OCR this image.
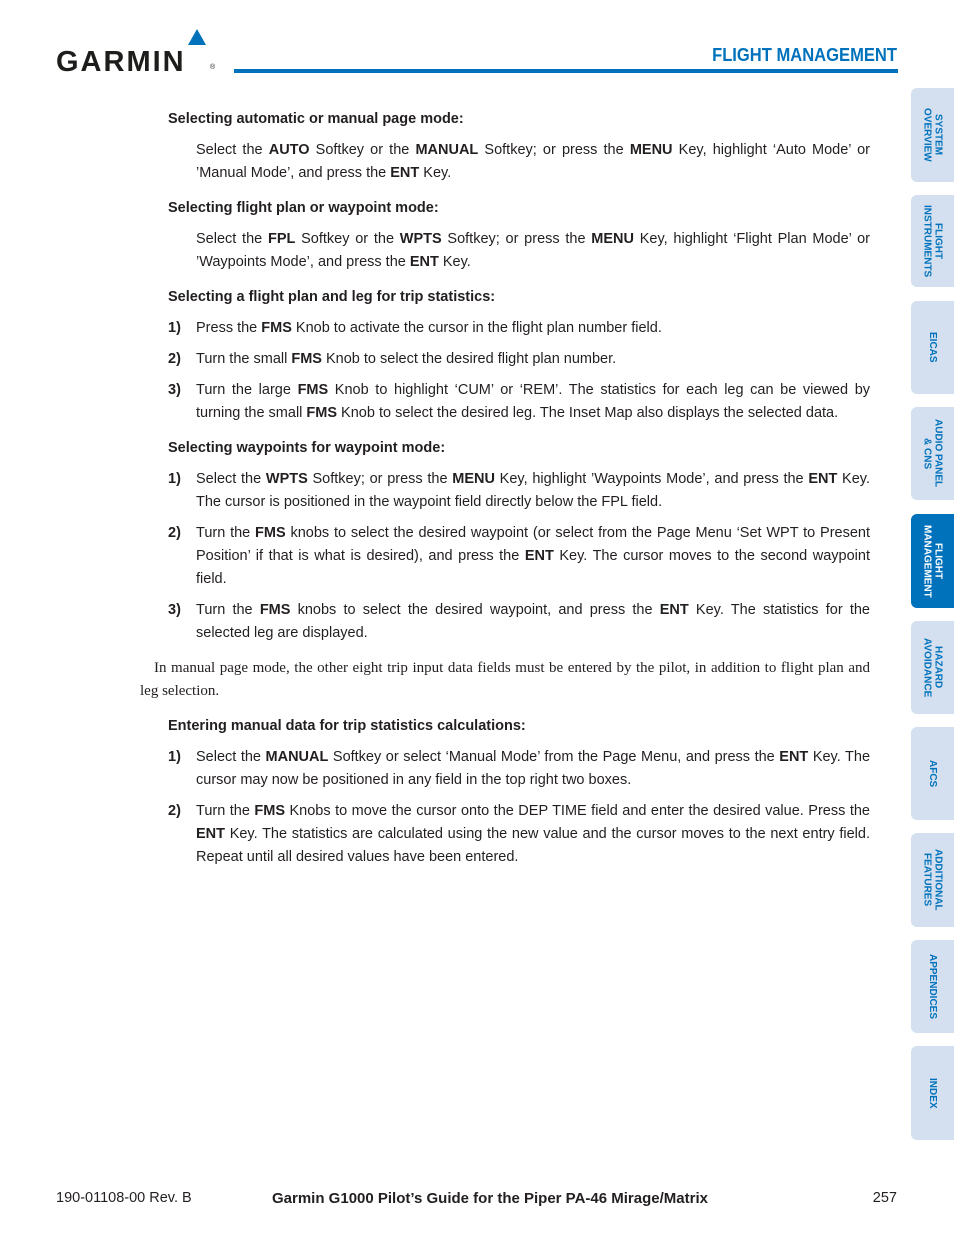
GARMIN	®
FLIGHT MANAGEMENT
Selecting automatic or manual page mode:
Select the AUTO Softkey or the MANUAL Softkey; or press the MENU Key, highlight ‘Auto Mode’ or ’Manual Mode’, and press the ENT Key.
Selecting flight plan or waypoint mode:
Select the FPL Softkey or the WPTS Softkey; or press the MENU Key, highlight ‘Flight Plan Mode’ or ’Waypoints Mode’, and press the ENT Key.
Selecting a flight plan and leg for trip statistics:
1) Press the FMS Knob to activate the cursor in the flight plan number field.
2) Turn the small FMS Knob to select the desired flight plan number.
3) Turn the large FMS Knob to highlight ‘CUM’ or ‘REM’. The statistics for each leg can be viewed by turning the small FMS Knob to select the desired leg. The Inset Map also displays the selected data.
Selecting waypoints for waypoint mode:
1) Select the WPTS Softkey; or press the MENU Key, highlight ’Waypoints Mode’, and press the ENT Key. The cursor is positioned in the waypoint field directly below the FPL field.
2) Turn the FMS knobs to select the desired waypoint (or select from the Page Menu ‘Set WPT to Present Position’ if that is what is desired), and press the ENT Key. The cursor moves to the second waypoint field.
3) Turn the FMS knobs to select the desired waypoint, and press the ENT Key. The statistics for the selected leg are displayed.
In manual page mode, the other eight trip input data fields must be entered by the pilot, in addition to flight plan and leg selection.
Entering manual data for trip statistics calculations:
1) Select the MANUAL Softkey or select ‘Manual Mode’ from the Page Menu, and press the ENT Key. The cursor may now be positioned in any field in the top right two boxes.
2) Turn the FMS Knobs to move the cursor onto the DEP TIME field and enter the desired value. Press the ENT Key. The statistics are calculated using the new value and the cursor moves to the next entry field. Repeat until all desired values have been entered.
SYSTEM
OVERVIEW
FLIGHT
INSTRUMENTS
EICAS
AUDIO PANEL
& CNS
FLIGHT
MANAGEMENT
HAZARD
AVOIDANCE
AFCS
ADDITIONAL
FEATURES
APPENDICES
INDEX
190-01108-00 Rev. B	Garmin G1000 Pilot’s Guide for the Piper PA-46 Mirage/Matrix	257
